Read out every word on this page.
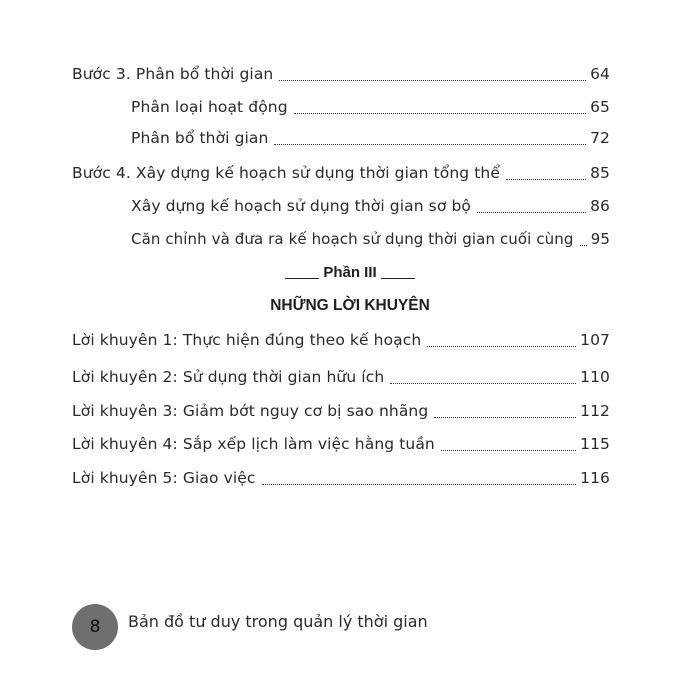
Bước 3. Phân bổ thời gian	64
Phân loại hoạt động	65
Phân bổ thời gian	72
Bước 4. Xây dựng kế hoạch sử dụng thời gian tổng thể	85
Xây dựng kế hoạch sử dụng thời gian sơ bộ	86
Căn chỉnh và đưa ra kế hoạch sử dụng thời gian cuối cùng 95
Phần III
NHỮNG LỜI KHUYÊN
Lời khuyên 1: Thực hiện đúng theo kế hoạch	107
Lời khuyên 2: Sử dụng thời gian hữu ích	110
Lời khuyên 3: Giảm bớt nguy cơ bị sao nhãng	112
Lời khuyên 4: Sắp xếp lịch làm việc hằng tuần	115
Lời khuyên 5: Giao việc	116
8 Bản đồ tư duy trong quản lý thời gian
